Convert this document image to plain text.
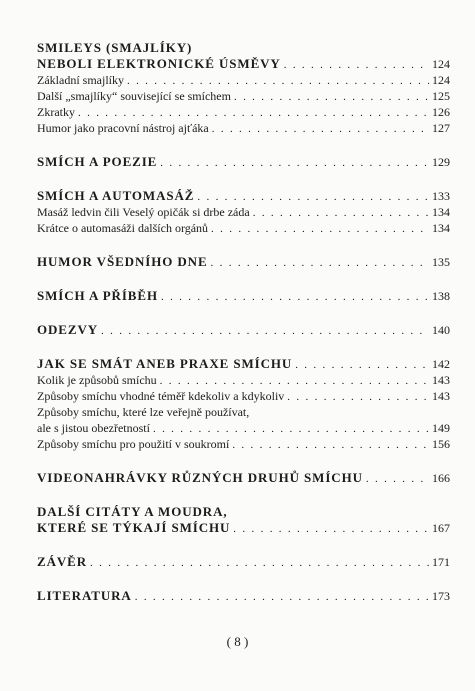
SMILEYS (SMAJLÍKY)
NEBOLI ELEKTRONICKÉ ÚSMĚVY . . .	124
Základní smajlíky . . .	124
Další „smajlíky“ související se smíchem . . .	125
Zkratky . . .	126
Humor jako pracovní nástroj ajťáka . . .	127
SMÍCH A POEZIE . . .	129
SMÍCH A AUTOMASÁŽ . . .	133
Masáž ledvin čili Veselý opičák si drbe záda . . .	134
Krátce o automasáži dalších orgánů . . .	134
HUMOR VŠEDNÍHO DNE . . .	135
SMÍCH A PŘÍBĚH . . .	138
ODEZVY . . .	140
JAK SE SMÁT ANEB PRAXE SMÍCHU . . .	142
Kolik je způsobů smíchu . . .	143
Způsoby smíchu vhodné téměř kdekoliv a kdykoliv . . .	143
Způsoby smíchu, které lze veřejně používat,
ale s jistou obezřetností . . .	149
Způsoby smíchu pro použití v soukromí . . .	156
VIDEONAHRÁVKY RŮZNÝCH DRUHŮ SMÍCHU . . .	166
DALŠÍ CITÁTY A MOUDRA,
KTERÉ SE TÝKAJÍ SMÍCHU . . .	167
ZÁVĚR . . .	171
LITERATURA . . .	173
( 8 )
